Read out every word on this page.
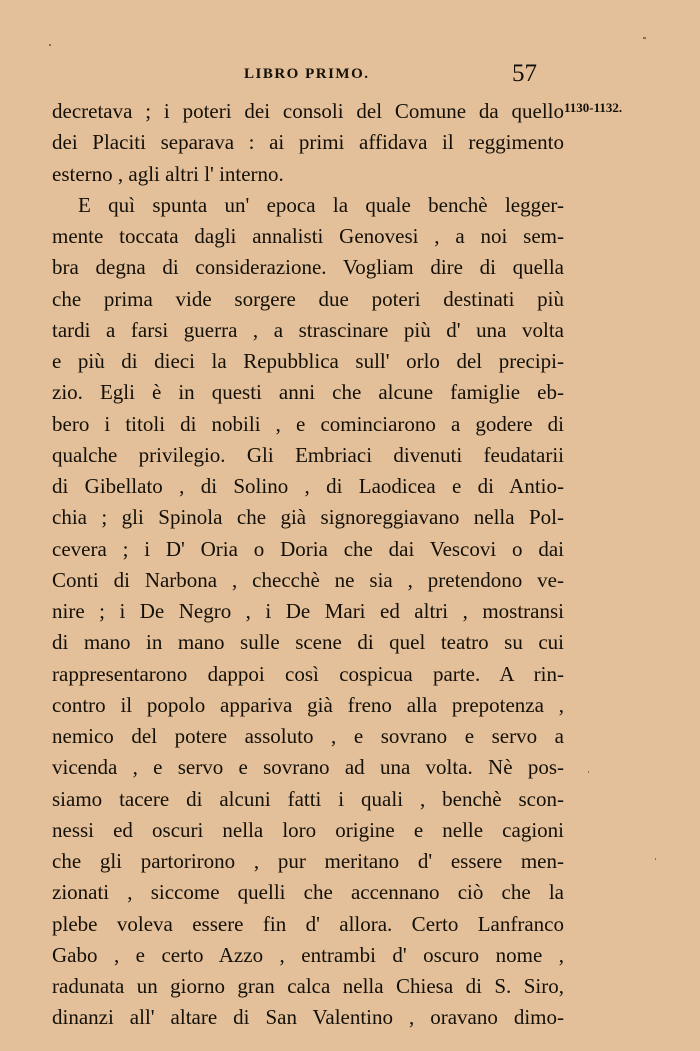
LIBRO PRIMO.	57
1130-1132.
decretava ; i poteri dei consoli del Comune da quello
dei Placiti separava : ai primi affidava il reggimento
esterno , agli altri l' interno.
E quì spunta un' epoca la quale benchè legger-
mente toccata dagli annalisti Genovesi , a noi sem-
bra degna di considerazione. Vogliam dire di quella
che prima vide sorgere due poteri destinati più
tardi a farsi guerra , a strascinare più d' una volta
e più di dieci la Repubblica sull' orlo del precipi-
zio. Egli è in questi anni che alcune famiglie eb-
bero i titoli di nobili , e cominciarono a godere di
qualche privilegio. Gli Embriaci divenuti feudatarii
di Gibellato , di Solino , di Laodicea e di Antio-
chia ; gli Spinola che già signoreggiavano nella Pol-
cevera ; i D' Oria o Doria che dai Vescovi o dai
Conti di Narbona , checchè ne sia , pretendono ve-
nire ; i De Negro , i De Mari ed altri , mostransi
di mano in mano sulle scene di quel teatro su cui
rappresentarono dappoi così cospicua parte. A rin-
contro il popolo appariva già freno alla prepotenza ,
nemico del potere assoluto , e sovrano e servo a
vicenda , e servo e sovrano ad una volta. Nè pos-
siamo tacere di alcuni fatti i quali , benchè scon-
nessi ed oscuri nella loro origine e nelle cagioni
che gli partorirono , pur meritano d' essere men-
zionati , siccome quelli che accennano ciò che la
plebe voleva essere fin d' allora. Certo Lanfranco
Gabo , e certo Azzo , entrambi d' oscuro nome ,
radunata un giorno gran calca nella Chiesa di S. Siro,
dinanzi all' altare di San Valentino , oravano dimo-
